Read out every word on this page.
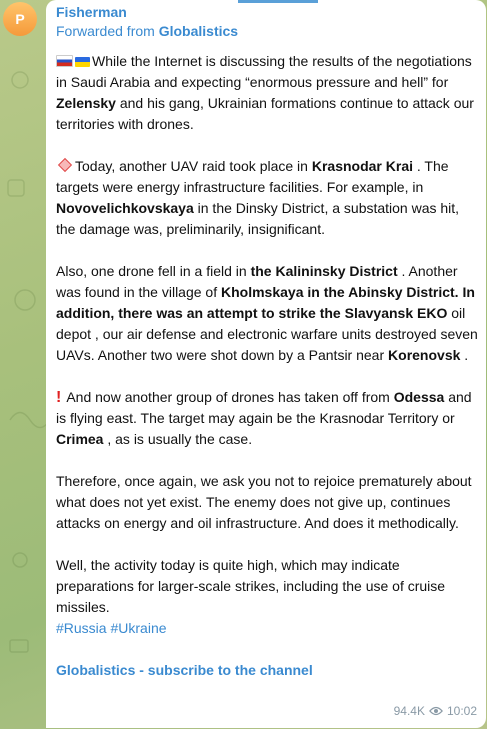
P	Fisherman
Forwarded from Globalistics
While the Internet is discussing the results of the negotiations in Saudi Arabia and expecting “enormous pressure and hell” for Zelensky and his gang, Ukrainian formations continue to attack our territories with drones.
Today, another UAV raid took place in Krasnodar Krai . The targets were energy infrastructure facilities. For example, in Novovelichkovskaya in the Dinsky District, a substation was hit, the damage was, preliminarily, insignificant.
Also, one drone fell in a field in the Kalininsky District . Another was found in the village of Kholmskaya in the Abinsky District. In addition, there was an attempt to strike the Slavyansk EKO oil depot , our air defense and electronic warfare units destroyed seven UAVs. Another two were shot down by a Pantsir near Korenovsk .
! And now another group of drones has taken off from Odessa and is flying east. The target may again be the Krasnodar Territory or Crimea , as is usually the case.
Therefore, once again, we ask you not to rejoice prematurely about what does not yet exist. The enemy does not give up, continues attacks on energy and oil infrastructure. And does it methodically.
Well, the activity today is quite high, which may indicate preparations for larger-scale strikes, including the use of cruise missiles.
#Russia #Ukraine
Globalistics - subscribe to the channel
94.4K 10:02
